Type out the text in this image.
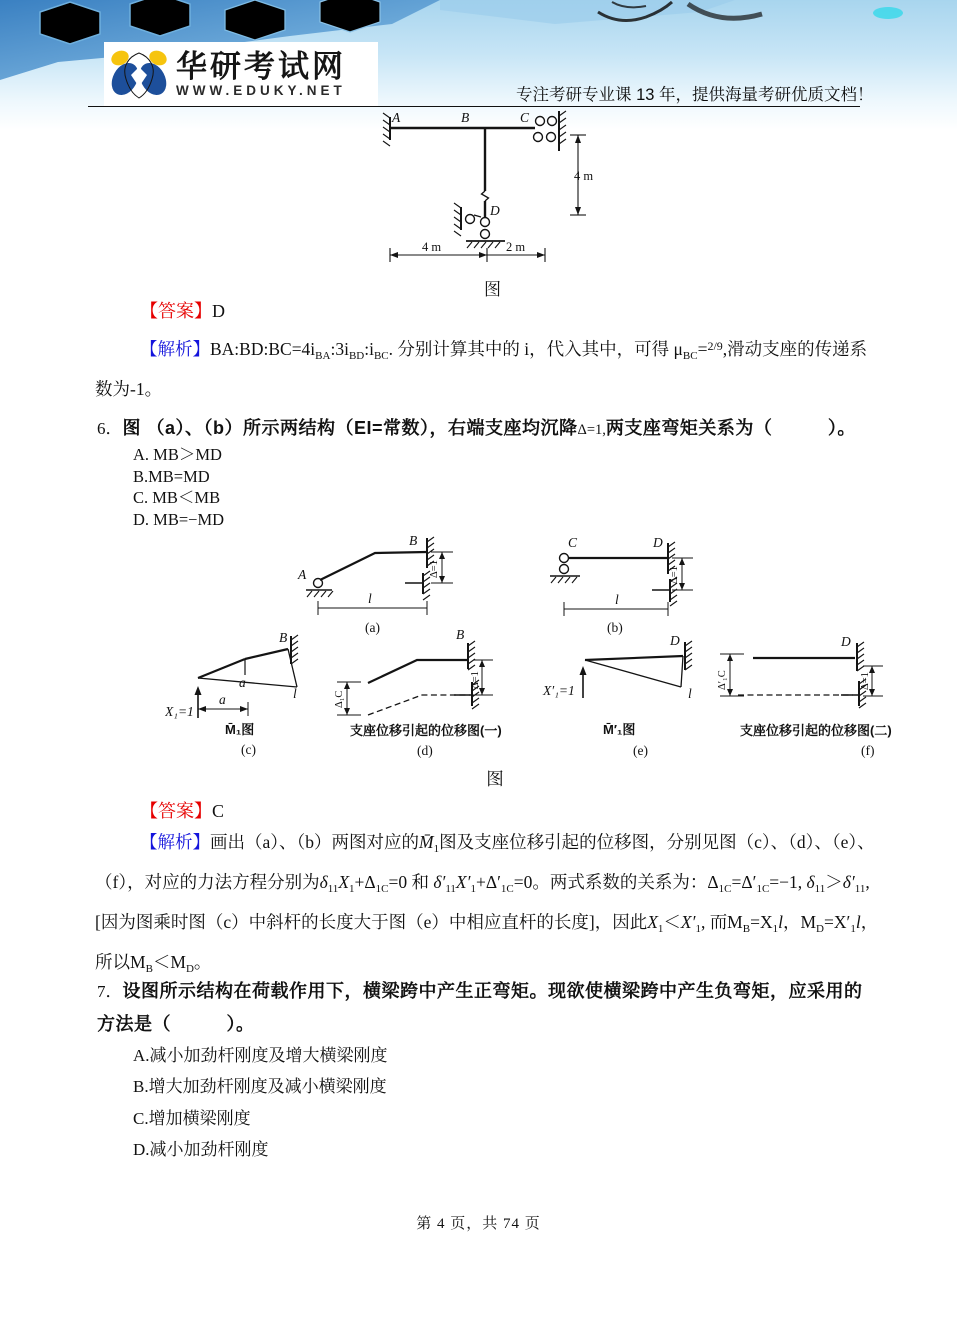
华研考试网
WWW.EDUKY.NET	专注考研专业课 13 年，提供海量考研优质文档！
4 m
4 m	2 m
A	B	C
D
图
【答案】D
【解析】$BA:BD:BC=4i_{BA}:3i_{BD}:i_{BC}$. 分别计算其中的 i，代入其中，可得 $\mu_{BC}=^{2/9}$,滑动支座的传递系数为-1。
6．图 （a）、（b）所示两结构（EI=常数），右端支座均沉降Δ=1,两支座弯矩关系为（　　　）。
A. MB＞MD
B.MB=MD
C. MB＜MB
D. MB=−MD
Δ=1
A
B
l
(a)
Δ=1
C	D
l
(b)
a
a
B
l
X₁=1
M̄₁图
(c)
Δ₁C
Δ=1
B
支座位移引起的位移图(一)
(d)
D
l
X′₁=1
M̄′₁图
(e)
Δ′₁C	Δ=1
D
支座位移引起的位移图(二)
(f)
图
【答案】C
【解析】画出（a）、（b）两图对应的$M̄_1$图及支座位移引起的位移图，分别见图（c）、（d）、（e）、（f），对应的力法方程分别为$\delta_{11}X_1+\Delta_{1C}=0$ 和 $\delta'_{11}X'_1+\Delta'_{1C}=0$。两式系数的关系为：$\Delta_{1C}=\Delta'_{1C}=-1$, $\delta_{11}>\delta'_{11}$, [因为图乘时图（c）中斜杆的长度大于图（e）中相应直杆的长度]，因此$X_1<X'_1$, 而$M_B=X_1l$，$M_D=X'_1l$，所以$M_B<M_D$。
7．设图所示结构在荷载作用下，横梁跨中产生正弯矩。现欲使横梁跨中产生负弯矩，应采用的方法是（　　　）。
A.减小加劲杆刚度及增大横梁刚度
B.增大加劲杆刚度及减小横梁刚度
C.增加横梁刚度
D.减小加劲杆刚度
第 4 页，共 74 页
